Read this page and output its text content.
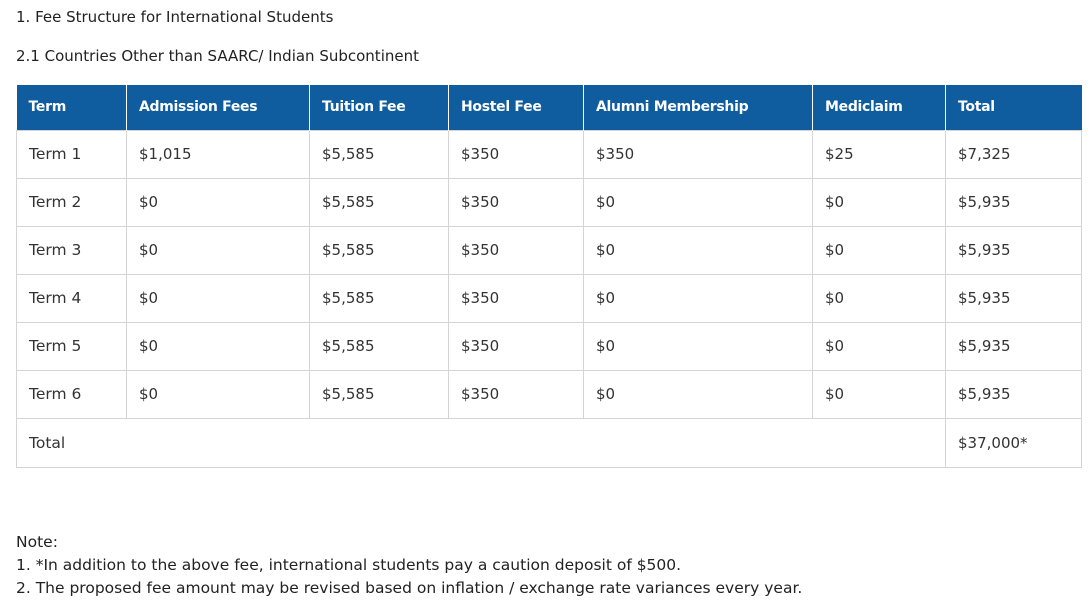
1. Fee Structure for International Students
2.1 Countries Other than SAARC/ Indian Subcontinent
Term	Admission Fees	Tuition Fee	Hostel Fee	Alumni Membership	Mediclaim	Total
Term 1	$1,015	$5,585	$350	$350	$25	$7,325
Term 2	$0	$5,585	$350	$0	$0	$5,935
Term 3	$0	$5,585	$350	$0	$0	$5,935
Term 4	$0	$5,585	$350	$0	$0	$5,935
Term 5	$0	$5,585	$350	$0	$0	$5,935
Term 6	$0	$5,585	$350	$0	$0	$5,935
Total						$37,000*
Note:
1. *In addition to the above fee, international students pay a caution deposit of $500.
2. The proposed fee amount may be revised based on inflation / exchange rate variances every year.
